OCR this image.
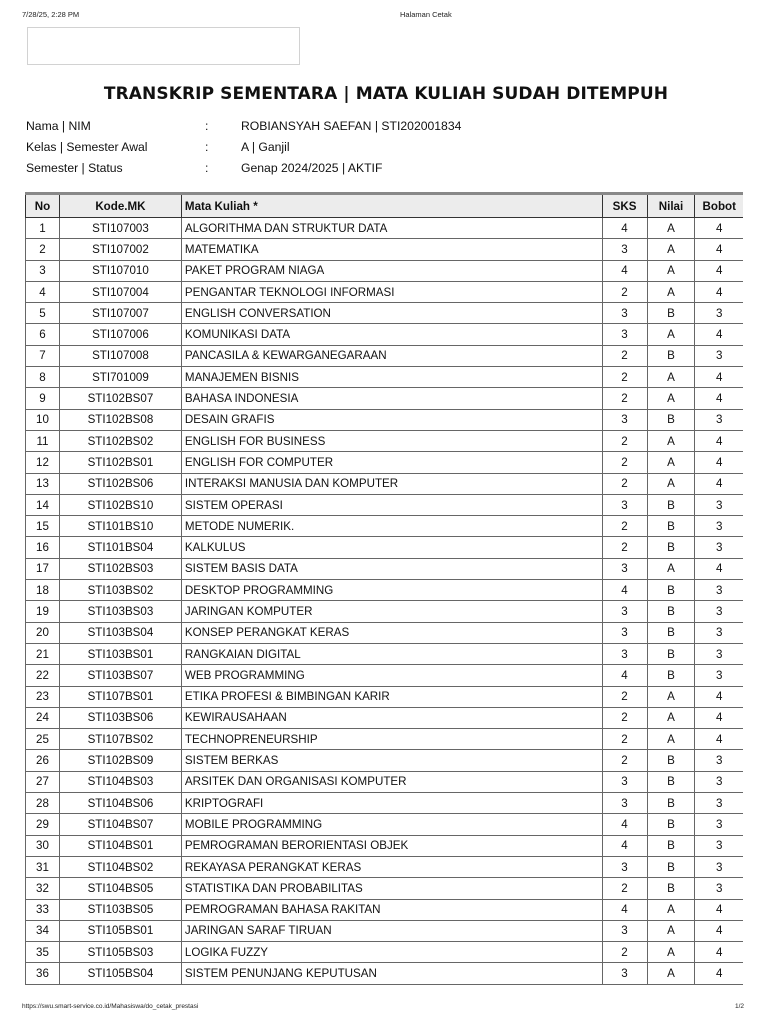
7/28/25, 2:28 PM	Halaman Cetak
TRANSKRIP SEMENTARA | MATA KULIAH SUDAH DITEMPUH
Nama | NIM	:	ROBIANSYAH SAEFAN | STI202001834
Kelas | Semester Awal	:	A | Ganjil
Semester | Status	:	Genap 2024/2025 | AKTIF
No	Kode.MK	Mata Kuliah *	SKS	Nilai	Bobot
1	STI107003	ALGORITHMA DAN STRUKTUR DATA	4	A	4
2	STI107002	MATEMATIKA	3	A	4
3	STI107010	PAKET PROGRAM NIAGA	4	A	4
4	STI107004	PENGANTAR TEKNOLOGI INFORMASI	2	A	4
5	STI107007	ENGLISH CONVERSATION	3	B	3
6	STI107006	KOMUNIKASI DATA	3	A	4
7	STI107008	PANCASILA & KEWARGANEGARAAN	2	B	3
8	STI701009	MANAJEMEN BISNIS	2	A	4
9	STI102BS07	BAHASA INDONESIA	2	A	4
10	STI102BS08	DESAIN GRAFIS	3	B	3
11	STI102BS02	ENGLISH FOR BUSINESS	2	A	4
12	STI102BS01	ENGLISH FOR COMPUTER	2	A	4
13	STI102BS06	INTERAKSI MANUSIA DAN KOMPUTER	2	A	4
14	STI102BS10	SISTEM OPERASI	3	B	3
15	STI101BS10	METODE NUMERIK.	2	B	3
16	STI101BS04	KALKULUS	2	B	3
17	STI102BS03	SISTEM BASIS DATA	3	A	4
18	STI103BS02	DESKTOP PROGRAMMING	4	B	3
19	STI103BS03	JARINGAN KOMPUTER	3	B	3
20	STI103BS04	KONSEP PERANGKAT KERAS	3	B	3
21	STI103BS01	RANGKAIAN DIGITAL	3	B	3
22	STI103BS07	WEB PROGRAMMING	4	B	3
23	STI107BS01	ETIKA PROFESI & BIMBINGAN KARIR	2	A	4
24	STI103BS06	KEWIRAUSAHAAN	2	A	4
25	STI107BS02	TECHNOPRENEURSHIP	2	A	4
26	STI102BS09	SISTEM BERKAS	2	B	3
27	STI104BS03	ARSITEK DAN ORGANISASI KOMPUTER	3	B	3
28	STI104BS06	KRIPTOGRAFI	3	B	3
29	STI104BS07	MOBILE PROGRAMMING	4	B	3
30	STI104BS01	PEMROGRAMAN BERORIENTASI OBJEK	4	B	3
31	STI104BS02	REKAYASA PERANGKAT KERAS	3	B	3
32	STI104BS05	STATISTIKA DAN PROBABILITAS	2	B	3
33	STI103BS05	PEMROGRAMAN BAHASA RAKITAN	4	A	4
34	STI105BS01	JARINGAN SARAF TIRUAN	3	A	4
35	STI105BS03	LOGIKA FUZZY	2	A	4
36	STI105BS04	SISTEM PENUNJANG KEPUTUSAN	3	A	4
https://swu.smart-service.co.id/Mahasiswa/do_cetak_prestasi	1/2
